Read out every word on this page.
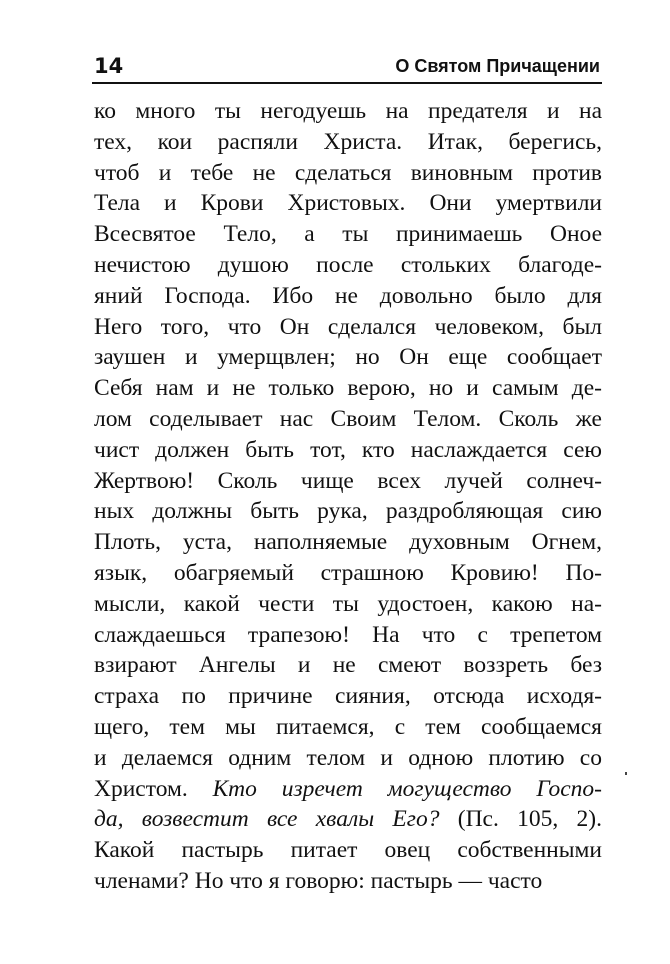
14	О Святом Причащении
ко много ты негодуешь на предателя и на
тех, кои распяли Христа. Итак, берегись,
чтоб и тебе не сделаться виновным против
Тела и Крови Христовых. Они умертвили
Всесвятое Тело, а ты принимаешь Оное
нечистою душою после стольких благоде-
яний Господа. Ибо не довольно было для
Него того, что Он сделался человеком, был
заушен и умерщвлен; но Он еще сообщает
Себя нам и не только верою, но и самым де-
лом соделывает нас Своим Телом. Сколь же
чист должен быть тот, кто наслаждается сею
Жертвою! Сколь чище всех лучей солнеч-
ных должны быть рука, раздробляющая сию
Плоть, уста, наполняемые духовным Огнем,
язык, обагряемый страшною Кровию! По-
мысли, какой чести ты удостоен, какою на-
слаждаешься трапезою! На что с трепетом
взирают Ангелы и не смеют воззреть без
страха по причине сияния, отсюда исходя-
щего, тем мы питаемся, с тем сообщаемся
и делаемся одним телом и одною плотию со
Христом. Кто изречет могущество Госпо-
да, возвестит все хвалы Его? (Пс. 105, 2).
Какой пастырь питает овец собственными
членами? Но что я говорю: пастырь — часто
